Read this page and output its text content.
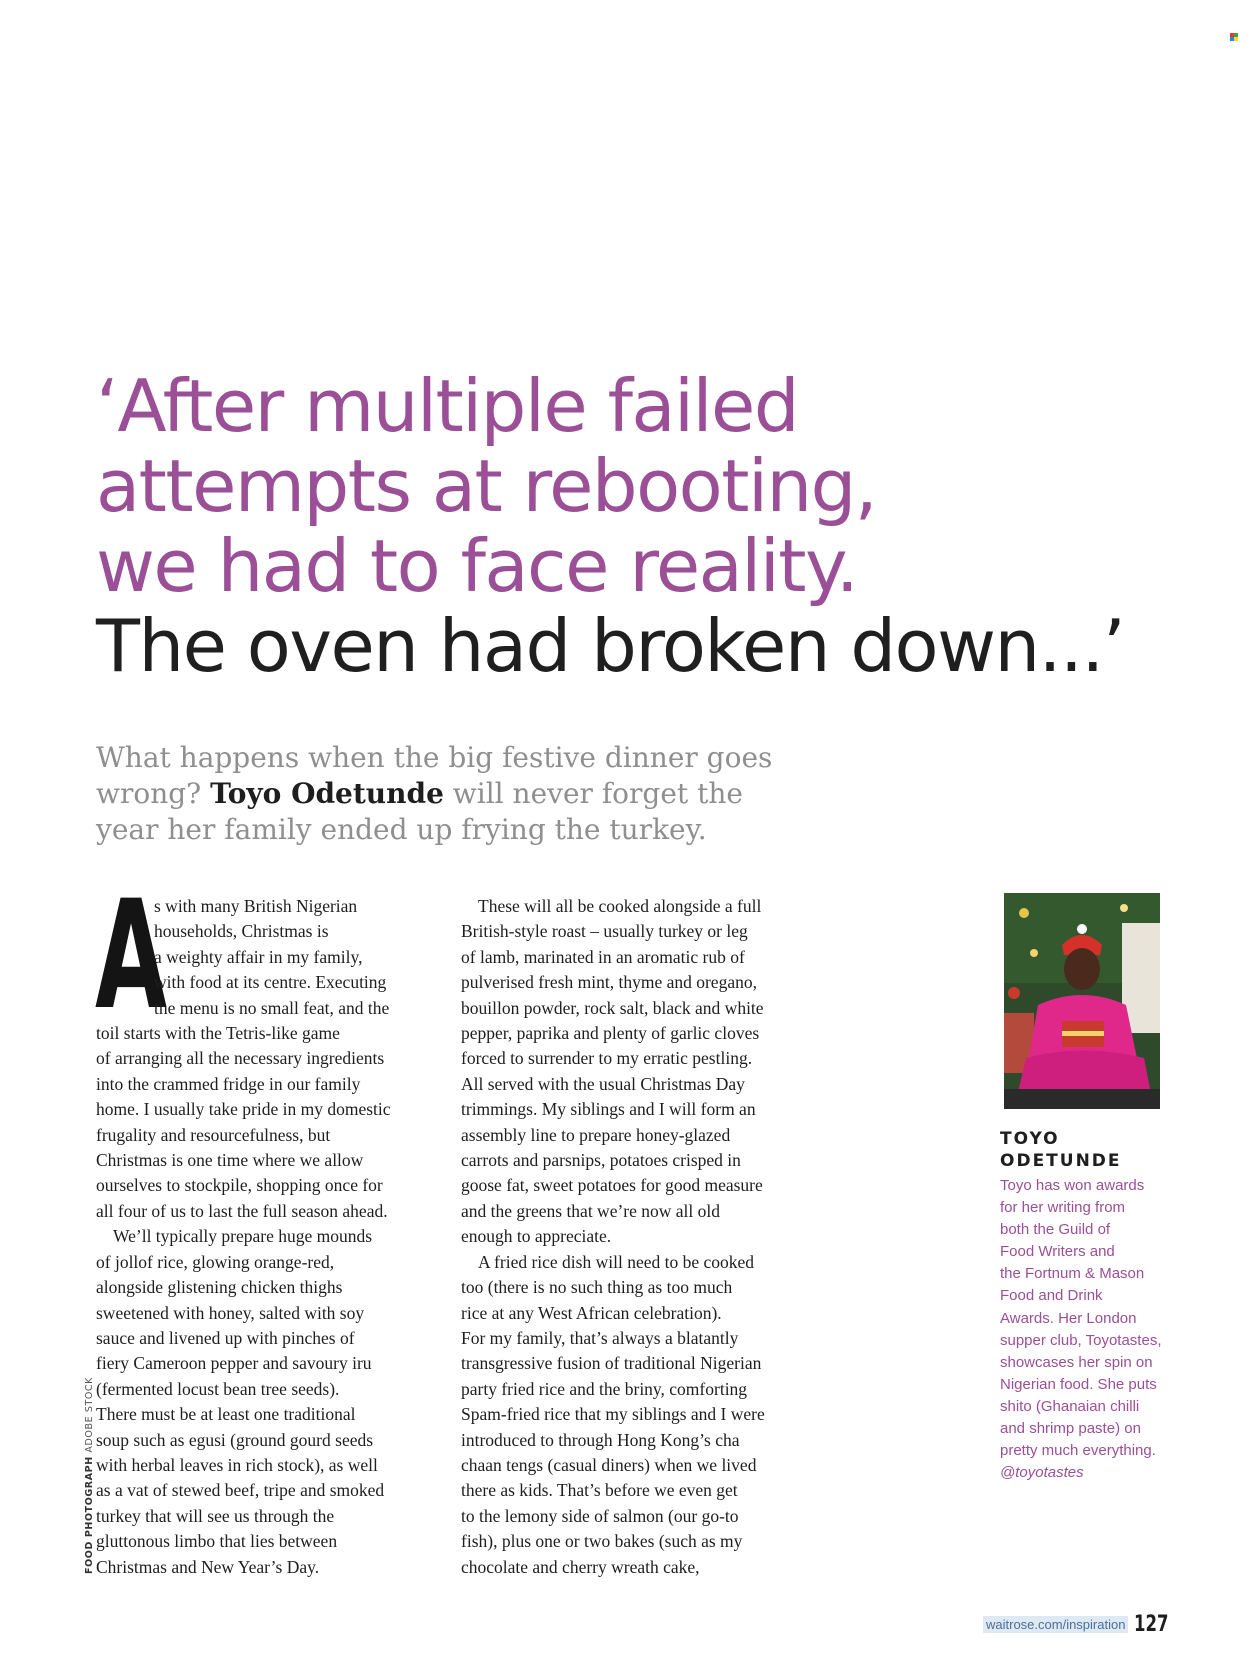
‘After multiple failed
attempts at rebooting,
we had to face reality.
The oven had broken down...’
What happens when the big festive dinner goes
wrong? Toyo Odetunde will never forget the
year her family ended up frying the turkey.
A
s with many British Nigerian
households, Christmas is
a weighty affair in my family,
with food at its centre. Executing
the menu is no small feat, and the
toil starts with the Tetris-like game
of arranging all the necessary ingredients
into the crammed fridge in our family
home. I usually take pride in my domestic
frugality and resourcefulness, but
Christmas is one time where we allow
ourselves to stockpile, shopping once for
all four of us to last the full season ahead.
We’ll typically prepare huge mounds
of jollof rice, glowing orange-red,
alongside glistening chicken thighs
sweetened with honey, salted with soy
sauce and livened up with pinches of
fiery Cameroon pepper and savoury iru
(fermented locust bean tree seeds).
There must be at least one traditional
soup such as egusi (ground gourd seeds
with herbal leaves in rich stock), as well
as a vat of stewed beef, tripe and smoked
turkey that will see us through the
gluttonous limbo that lies between
Christmas and New Year’s Day.
These will all be cooked alongside a full
British-style roast – usually turkey or leg
of lamb, marinated in an aromatic rub of
pulverised fresh mint, thyme and oregano,
bouillon powder, rock salt, black and white
pepper, paprika and plenty of garlic cloves
forced to surrender to my erratic pestling.
All served with the usual Christmas Day
trimmings. My siblings and I will form an
assembly line to prepare honey-glazed
carrots and parsnips, potatoes crisped in
goose fat, sweet potatoes for good measure
and the greens that we’re now all old
enough to appreciate.
A fried rice dish will need to be cooked
too (there is no such thing as too much
rice at any West African celebration).
For my family, that’s always a blatantly
transgressive fusion of traditional Nigerian
party fried rice and the briny, comforting
Spam-fried rice that my siblings and I were
introduced to through Hong Kong’s cha
chaan tengs (casual diners) when we lived
there as kids. That’s before we even get
to the lemony side of salmon (our go-to
fish), plus one or two bakes (such as my
chocolate and cherry wreath cake,
FOOD PHOTOGRAPH ADOBE STOCK
TOYO
ODETUNDE
Toyo has won awards
for her writing from
both the Guild of
Food Writers and
the Fortnum & Mason
Food and Drink
Awards. Her London
supper club, Toyotastes,
showcases her spin on
Nigerian food. She puts
shito (Ghanaian chilli
and shrimp paste) on
pretty much everything.
@toyotastes
waitrose.com/inspiration 127
